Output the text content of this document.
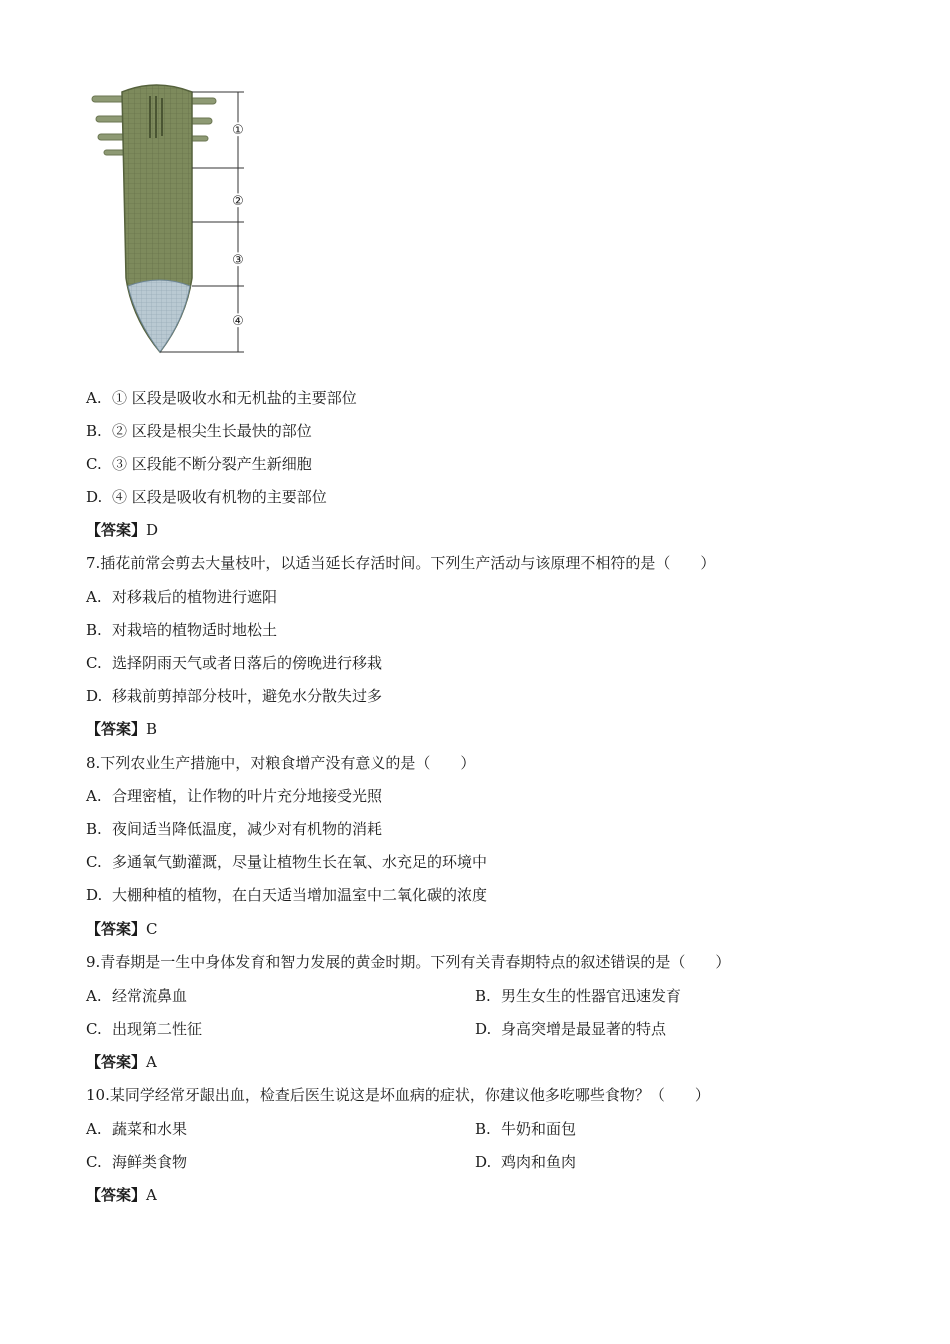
①
②
③
④
A. ① 区段是吸收水和无机盐的主要部位
B. ② 区段是根尖生长最快的部位
C. ③ 区段能不断分裂产生新细胞
D. ④ 区段是吸收有机物的主要部位
【答案】D
7.插花前常会剪去大量枝叶，以适当延长存活时间。下列生产活动与该原理不相符的是（　　）
A. 对移栽后的植物进行遮阳
B. 对栽培的植物适时地松土
C. 选择阴雨天气或者日落后的傍晚进行移栽
D. 移栽前剪掉部分枝叶，避免水分散失过多
【答案】B
8.下列农业生产措施中，对粮食增产没有意义的是（　　）
A. 合理密植，让作物的叶片充分地接受光照
B. 夜间适当降低温度，减少对有机物的消耗
C. 多通氧气勤灌溉，尽量让植物生长在氧、水充足的环境中
D. 大棚种植的植物，在白天适当增加温室中二氧化碳的浓度
【答案】C
9.青春期是一生中身体发育和智力发展的黄金时期。下列有关青春期特点的叙述错误的是（　　）
A. 经常流鼻血	B. 男生女生的性器官迅速发育
C. 出现第二性征	D. 身高突增是最显著的特点
【答案】A
10.某同学经常牙龈出血，检查后医生说这是坏血病的症状，你建议他多吃哪些食物？（　　）
A. 蔬菜和水果	B. 牛奶和面包
C. 海鲜类食物	D. 鸡肉和鱼肉
【答案】A
